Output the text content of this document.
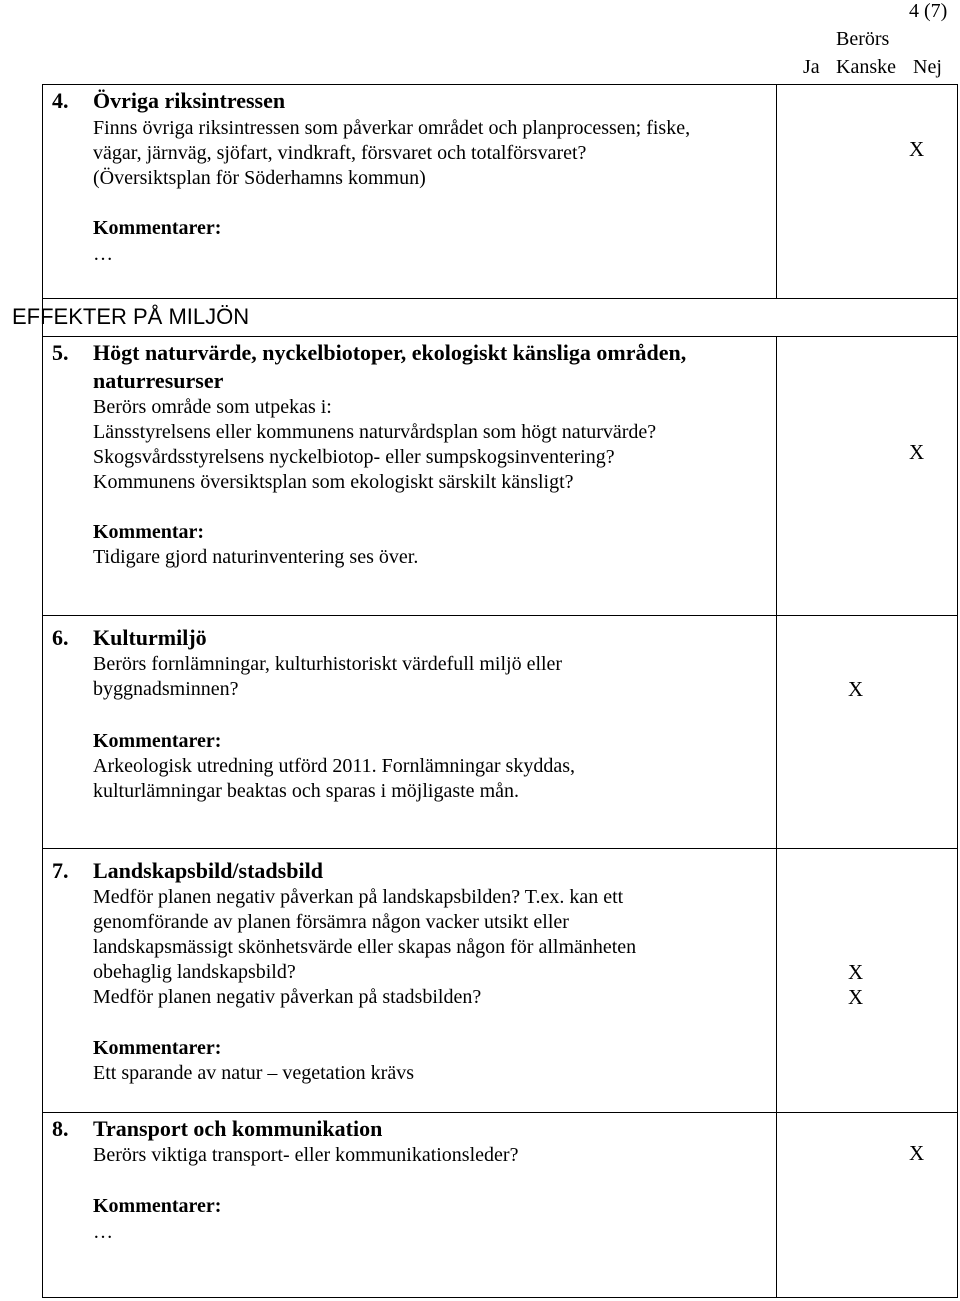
4 (7)
Berörs
Ja Kanske Nej
4. Övriga riksintressen
Finns övriga riksintressen som påverkar området och planprocessen; fiske,
vägar, järnväg, sjöfart, vindkraft, försvaret och totalförsvaret?
(Översiktsplan för Söderhamns kommun)
Kommentarer:
…
X
EFFEKTER PÅ MILJÖN
5. Högt naturvärde, nyckelbiotoper, ekologiskt känsliga områden,
naturresurser
Berörs område som utpekas i:
Länsstyrelsens eller kommunens naturvårdsplan som högt naturvärde?
Skogsvårdsstyrelsens nyckelbiotop- eller sumpskogsinventering?
Kommunens översiktsplan som ekologiskt särskilt känsligt?
Kommentar:
Tidigare gjord naturinventering ses över.
X
6. Kulturmiljö
Berörs fornlämningar, kulturhistoriskt värdefull miljö eller
byggnadsminnen?
Kommentarer:
Arkeologisk utredning utförd 2011. Fornlämningar skyddas,
kulturlämningar beaktas och sparas i möjligaste mån.
X
7. Landskapsbild/stadsbild
Medför planen negativ påverkan på landskapsbilden? T.ex. kan ett
genomförande av planen försämra någon vacker utsikt eller
landskapsmässigt skönhetsvärde eller skapas någon för allmänheten
obehaglig landskapsbild?
Medför planen negativ påverkan på stadsbilden?
Kommentarer:
Ett sparande av natur – vegetation krävs
X
X
8. Transport och kommunikation
Berörs viktiga transport- eller kommunikationsleder?
Kommentarer:
…
X
